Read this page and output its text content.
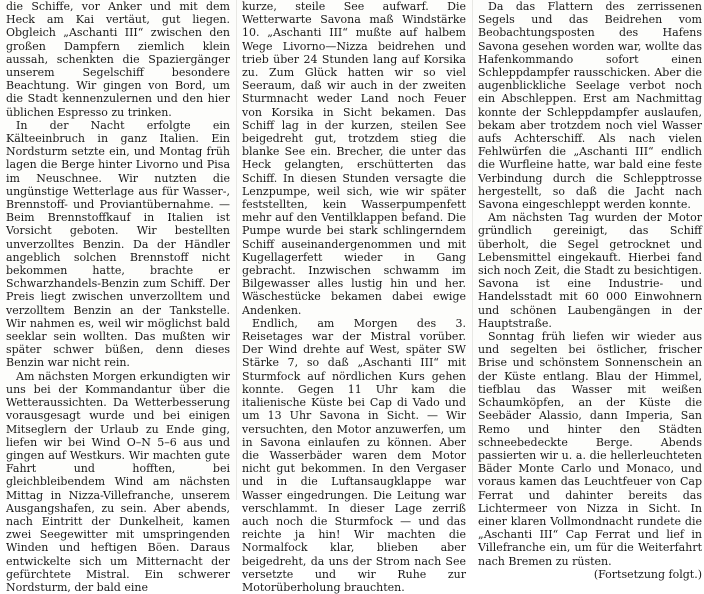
die Schiffe, vor Anker und mit dem Heck am Kai vertäut, gut liegen. Obgleich „Aschanti III“ zwischen den großen Dampfern ziemlich klein aussah, schenkten die Spaziergänger unserem Segelschiff besondere Beachtung. Wir gingen von Bord, um die Stadt kennenzulernen und den hier üblichen Espresso zu trinken.

In der Nacht erfolgte ein Kälteeinbruch in ganz Italien. Ein Nordsturm setzte ein, und Montag früh lagen die Berge hinter Livorno und Pisa im Neuschnee. Wir nutzten die ungünstige Wetterlage aus für Wasser-, Brennstoff- und Proviantübernahme. — Beim Brennstoffkauf in Italien ist Vorsicht geboten. Wir bestellten unverzolltes Benzin. Da der Händler angeblich solchen Brennstoff nicht bekommen hatte, brachte er Schwarzhandels-Benzin zum Schiff. Der Preis liegt zwischen unverzolltem und verzolltem Benzin an der Tankstelle. Wir nahmen es, weil wir möglichst bald seeklar sein wollten. Das mußten wir später schwer büßen, denn dieses Benzin war nicht rein.

Am nächsten Morgen erkundigten wir uns bei der Kommandantur über die Wetteraussichten. Da Wetterbesserung vorausgesagt wurde und bei einigen Mitseglern der Urlaub zu Ende ging, liefen wir bei Wind O–N 5–6 aus und gingen auf Westkurs. Wir machten gute Fahrt und hofften, bei gleichbleibendem Wind am nächsten Mittag in Nizza-Villefranche, unserem Ausgangshafen, zu sein. Aber abends, nach Eintritt der Dunkelheit, kamen zwei Seegewitter mit umspringenden Winden und heftigen Böen. Daraus entwickelte sich um Mitternacht der gefürchtete Mistral. Ein schwerer Nordsturm, der bald eine

kurze, steile See aufwarf. Die Wetterwarte Savona maß Windstärke 10. „Aschanti III“ mußte auf halbem Wege Livorno—Nizza beidrehen und trieb über 24 Stunden lang auf Korsika zu. Zum Glück hatten wir so viel Seeraum, daß wir auch in der zweiten Sturmnacht weder Land noch Feuer von Korsika in Sicht bekamen. Das Schiff lag in der kurzen, steilen See beigedreht gut, trotzdem stieg die blanke See ein. Brecher, die unter das Heck gelangten, erschütterten das Schiff. In diesen Stunden versagte die Lenzpumpe, weil sich, wie wir später feststellten, kein Wasserpumpenfett mehr auf den Ventilklappen befand. Die Pumpe wurde bei stark schlingerndem Schiff auseinandergenommen und mit Kugellagerfett wieder in Gang gebracht. Inzwischen schwamm im Bilgewasser alles lustig hin und her. Wäschestücke bekamen dabei ewige Andenken.

Endlich, am Morgen des 3. Reisetages war der Mistral vorüber. Der Wind drehte auf West, später SW Stärke 7, so daß „Aschanti III“ mit Sturmfock auf nördlichen Kurs gehen konnte. Gegen 11 Uhr kam die italienische Küste bei Cap di Vado und um 13 Uhr Savona in Sicht. — Wir versuchten, den Motor anzuwerfen, um in Savona einlaufen zu können. Aber die Wasserbäder waren dem Motor nicht gut bekommen. In den Vergaser und in die Luftansaugklappe war Wasser eingedrungen. Die Leitung war verschlammt. In dieser Lage zerriß auch noch die Sturmfock — und das reichte ja hin! Wir machten die Normalfock klar, blieben aber beigedreht, da uns der Strom nach See versetzte und wir Ruhe zur Motorüberholung brauchten.

Da das Flattern des zerrissenen Segels und das Beidrehen vom Beobachtungsposten des Hafens Savona gesehen worden war, wollte das Hafenkommando sofort einen Schleppdampfer rausschicken. Aber die augenblickliche Seelage verbot noch ein Abschleppen. Erst am Nachmittag konnte der Schleppdampfer auslaufen, bekam aber trotzdem noch viel Wasser aufs Achterschiff. Als nach vielen Fehlwürfen die „Aschanti III“ endlich die Wurfleine hatte, war bald eine feste Verbindung durch die Schlepptrosse hergestellt, so daß die Jacht nach Savona eingeschleppt werden konnte.

Am nächsten Tag wurden der Motor gründlich gereinigt, das Schiff überholt, die Segel getrocknet und Lebensmittel eingekauft. Hierbei fand sich noch Zeit, die Stadt zu besichtigen. Savona ist eine Industrie- und Handelsstadt mit 60 000 Einwohnern und schönen Laubengängen in der Hauptstraße.

Sonntag früh liefen wir wieder aus und segelten bei östlicher, frischer Brise und schönstem Sonnenschein an der Küste entlang. Blau der Himmel, tiefblau das Wasser mit weißen Schaumköpfen, an der Küste die Seebäder Alassio, dann Imperia, San Remo und hinter den Städten schneebedeckte Berge. Abends passierten wir u. a. die hellerleuchteten Bäder Monte Carlo und Monaco, und voraus kamen das Leuchtfeuer von Cap Ferrat und dahinter bereits das Lichtermeer von Nizza in Sicht. In einer klaren Vollmondnacht rundete die „Aschanti III“ Cap Ferrat und lief in Villefranche ein, um für die Weiterfahrt nach Bremen zu rüsten.

(Fortsetzung folgt.)
